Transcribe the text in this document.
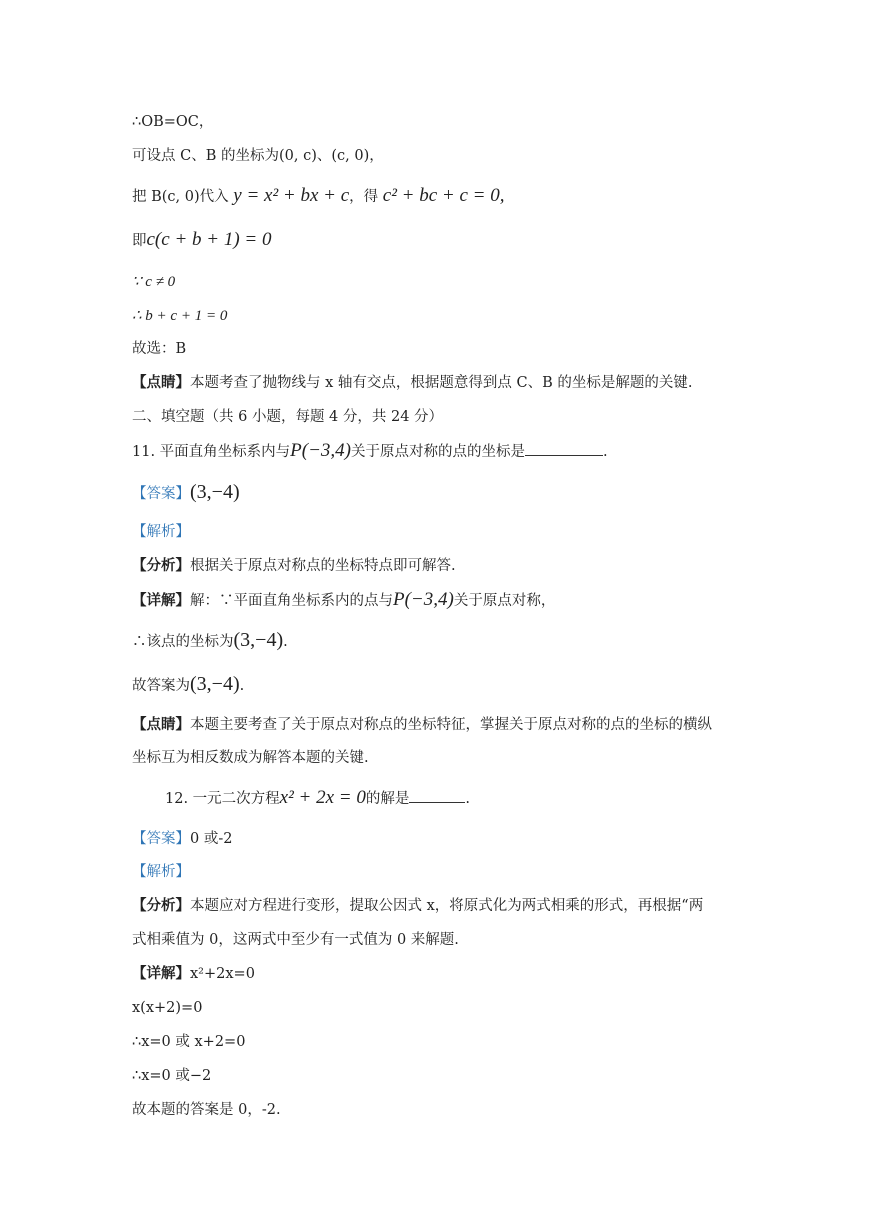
∴OB=OC，
可设点 C、B 的坐标为(0, c)、(c, 0)，
把 B(c, 0)代入 y = x² + bx + c，得 c² + bc + c = 0,
即c(c + b + 1) = 0
∵ c ≠ 0
∴ b + c + 1 = 0
故选：B
【点睛】本题考查了抛物线与 x 轴有交点，根据题意得到点 C、B 的坐标是解题的关键.
二、填空题（共 6 小题，每题 4 分，共 24 分）
11. 平面直角坐标系内与P(−3,4)关于原点对称的点的坐标是	.
【答案】(3,−4)
【解析】
【分析】根据关于原点对称点的坐标特点即可解答.
【详解】解：∵平面直角坐标系内的点与P(−3,4)关于原点对称，
∴该点的坐标为(3,−4).
故答案为(3,−4).
【点睛】本题主要考查了关于原点对称点的坐标特征，掌握关于原点对称的点的坐标的横纵
坐标互为相反数成为解答本题的关键.
12. 一元二次方程x² + 2x = 0的解是	.
【答案】0 或-2
【解析】
【分析】本题应对方程进行变形，提取公因式 x，将原式化为两式相乘的形式，再根据“两
式相乘值为 0，这两式中至少有一式值为 0 来解题.
【详解】x²+2x=0
x(x+2)=0
∴x=0 或 x+2=0
∴x=0 或−2
故本题的答案是 0，-2.
